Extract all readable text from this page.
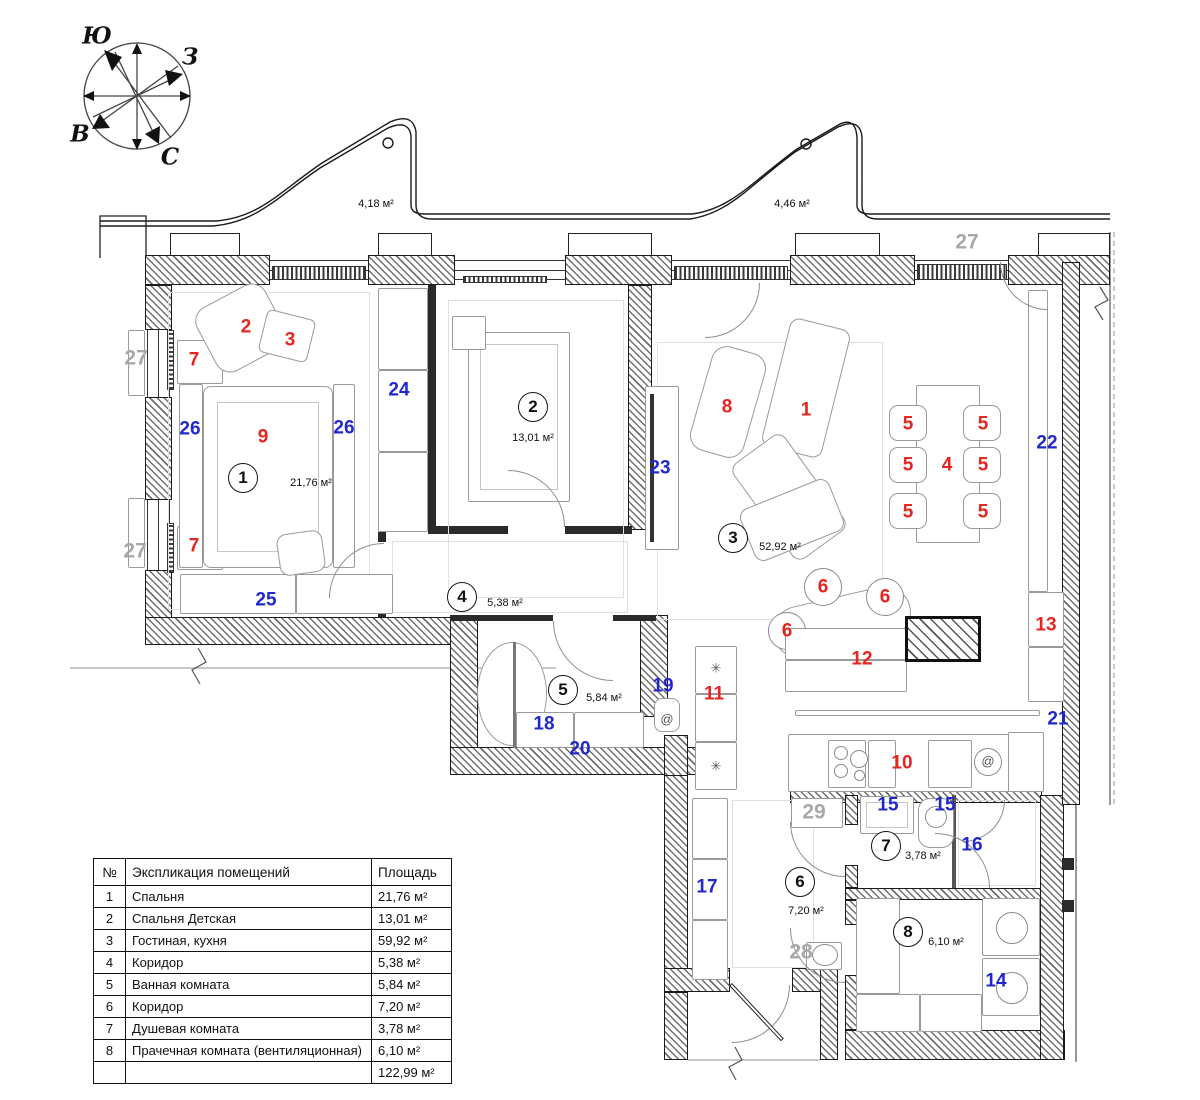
Ю
З
В
С
4,18 м²	4,46 м²
1	21,76 м²
2
13,01 м²
3	52,92 м²
4	5,38 м²
5	5,84 м²
6
7,20 м²
7
3,78 м²
8
6,10 м²
2
3
7
7
9
8	1
5	5
5	5
5	5
4
6	6
6
12
11
10
13
24
26	26
25
23
22
19
18
20
21
17
15 15
16
14
27
27
27
29
28
✳
✳
@
@
№	Экспликация помещений	Площадь
1	Спальня	21,76 м²
2	Спальня Детская	13,01 м²
3	Гостиная, кухня	59,92 м²
4	Коридор	5,38 м²
5	Ванная комната	5,84 м²
6	Коридор	7,20 м²
7	Душевая комната	3,78 м²
8	Прачечная комната (вентиляционная)	6,10 м²
		122,99 м²
